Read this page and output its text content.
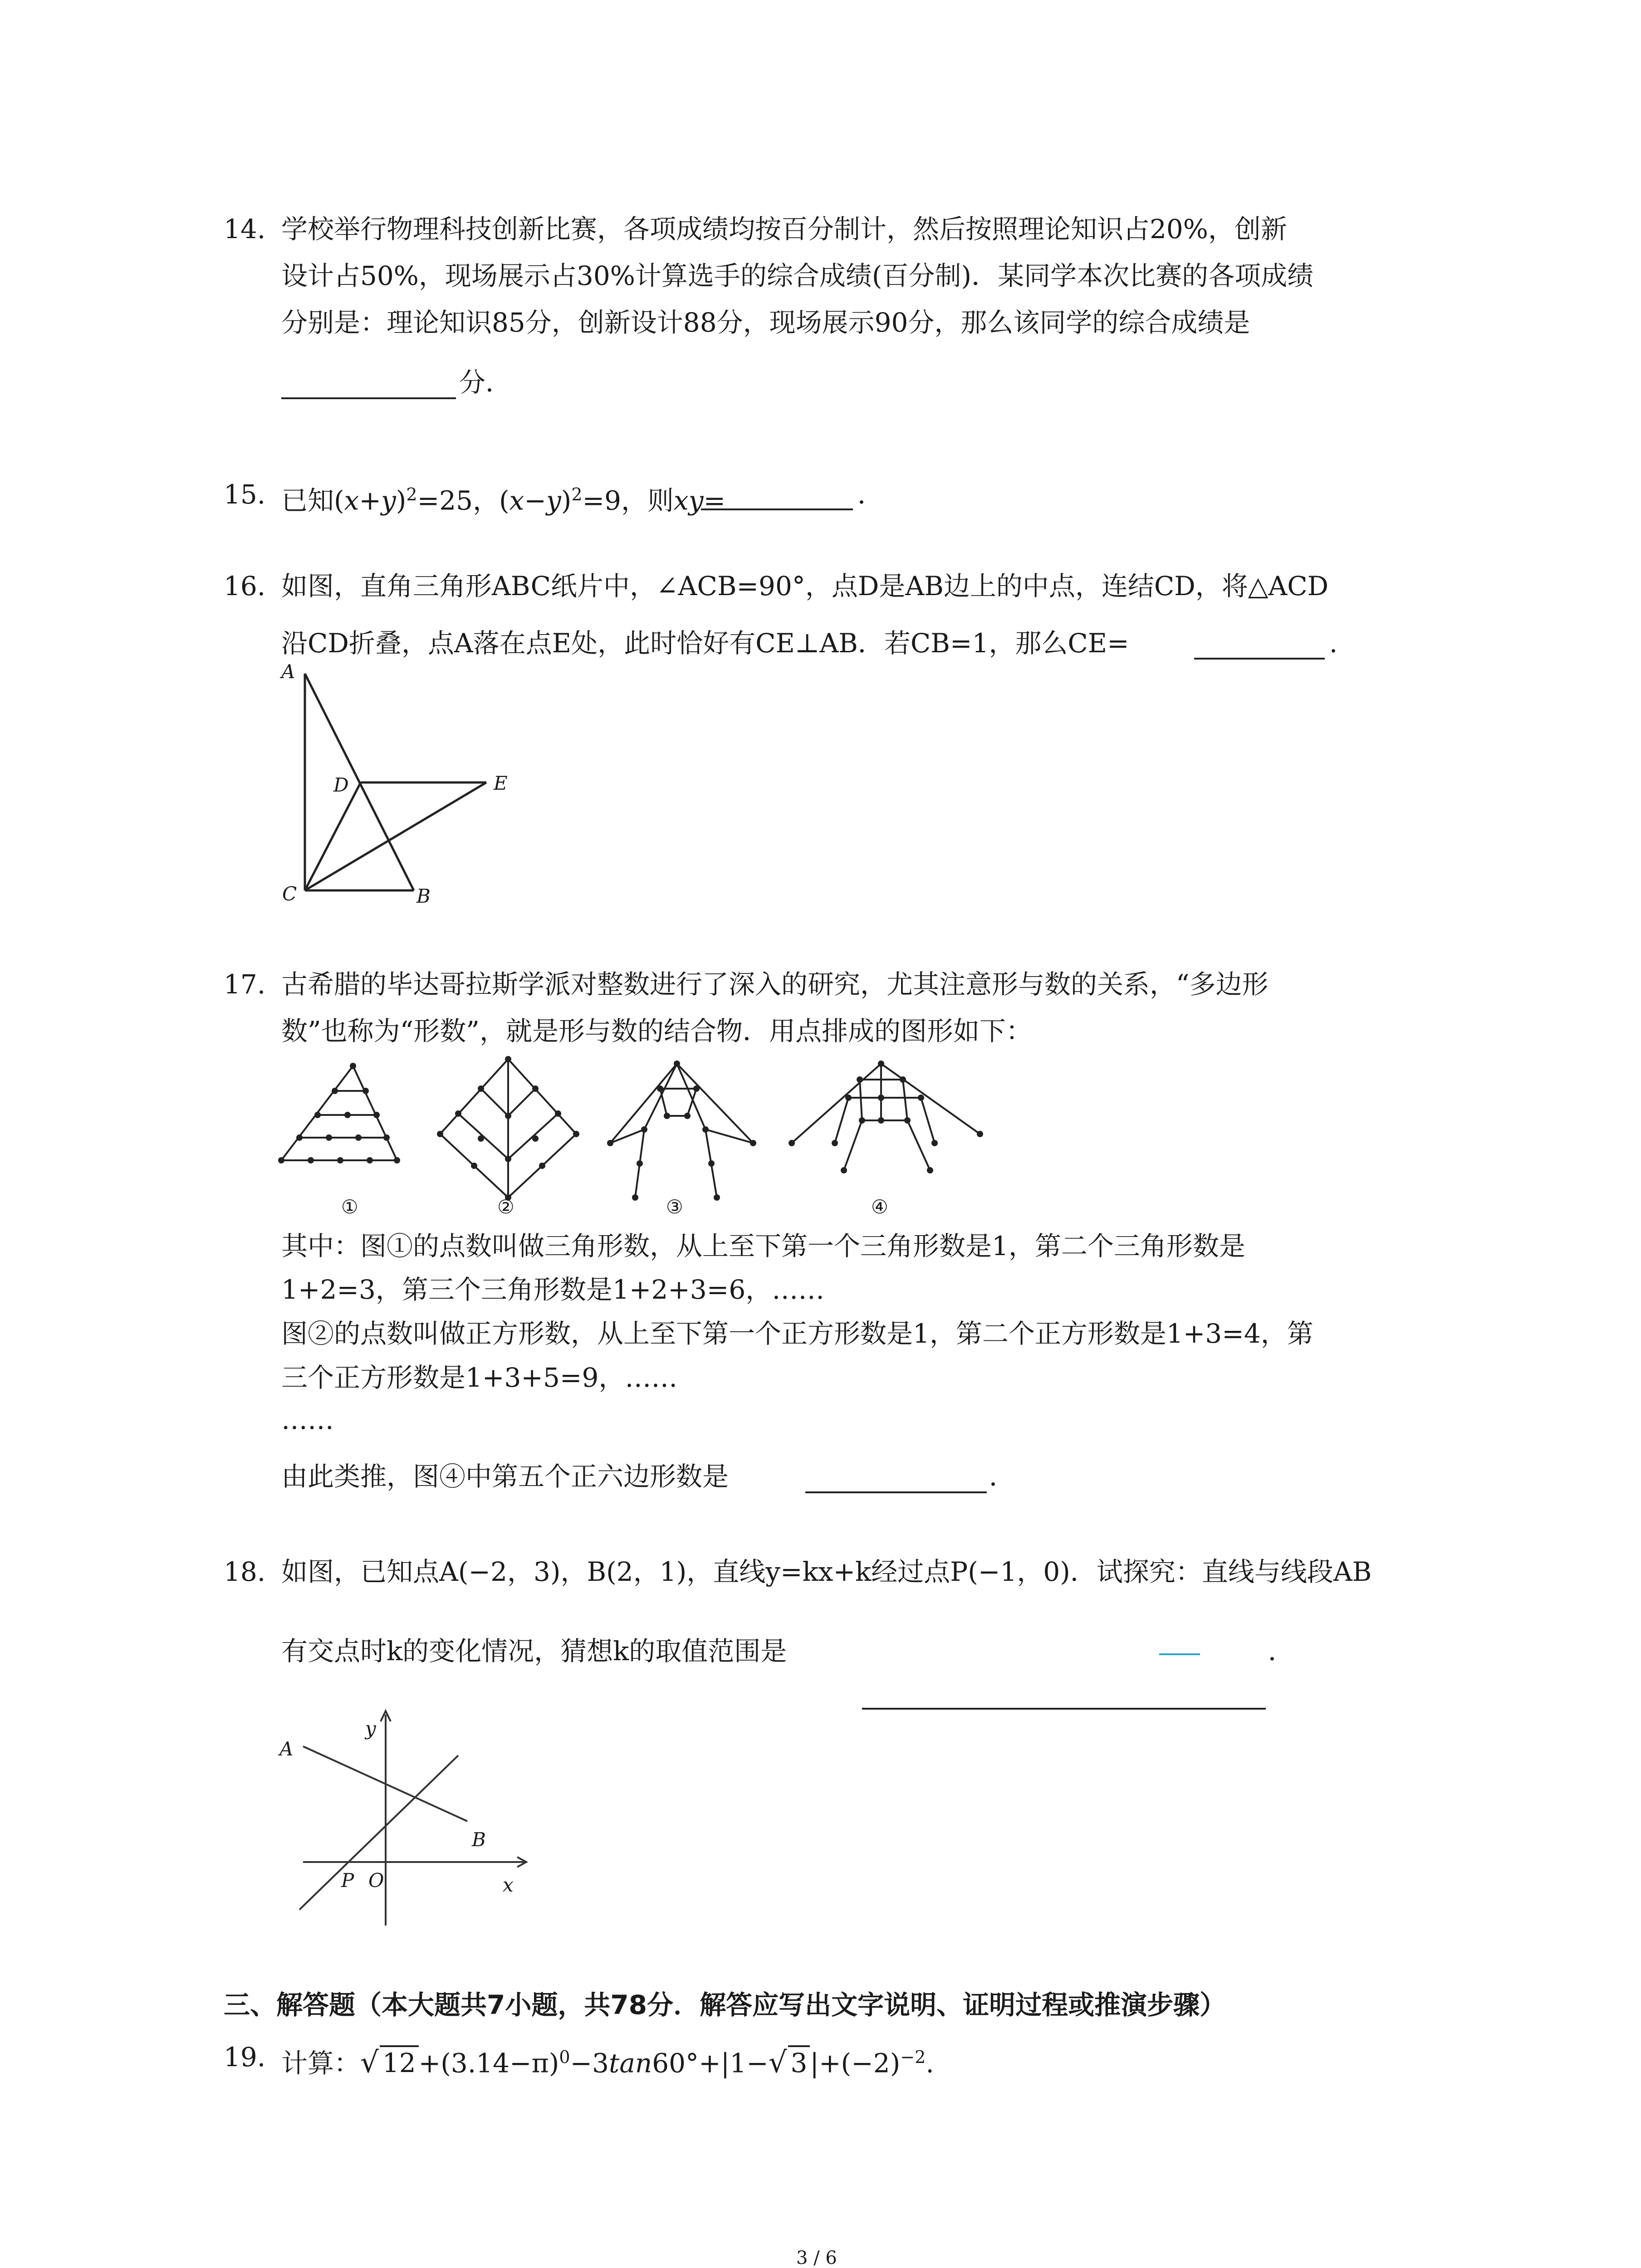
14. 学校举行物理科技创新比赛，各项成绩均按百分制计，然后按照理论知识占20%，创新
设计占50%，现场展示占30%计算选手的综合成绩(百分制)．某同学本次比赛的各项成绩
分别是：理论知识85分，创新设计88分，现场展示90分，那么该同学的综合成绩是
分．
15. 已知$(x+y)^2=25$，$(x-y)^2=9$，则xy=	．
16. 如图，直角三角形ABC纸片中，∠ACB=90°，点D是AB边上的中点，连结CD，将△ACD
沿CD折叠，点A落在点E处，此时恰好有CE⊥AB．若CB=1，那么CE=	．
A
D	E
C	B
17. 古希腊的毕达哥拉斯学派对整数进行了深入的研究，尤其注意形与数的关系，“多边形
数”也称为“形数”，就是形与数的结合物．用点排成的图形如下：
①	②	③	④
其中：图①的点数叫做三角形数，从上至下第一个三角形数是1，第二个三角形数是
1+2=3，第三个三角形数是1+2+3=6，……
图②的点数叫做正方形数，从上至下第一个正方形数是1，第二个正方形数是1+3=4，第
三个正方形数是1+3+5=9，……
……
由此类推，图④中第五个正六边形数是	．
18. 如图，已知点A(−2，3)，B(2，1)，直线y=kx+k经过点P(−1，0)．试探究：直线与线段AB
有交点时k的变化情况，猜想k的取值范围是	．
y
A
B
P O	x
三、解答题（本大题共7小题，共78分．解答应写出文字说明、证明过程或推演步骤）
19. 计算：√ $12 +(3.14-\pi)^0-3\tan 60^\circ+|1-√$ 3 $|+(-2)^{-2}$.
3 / 6
